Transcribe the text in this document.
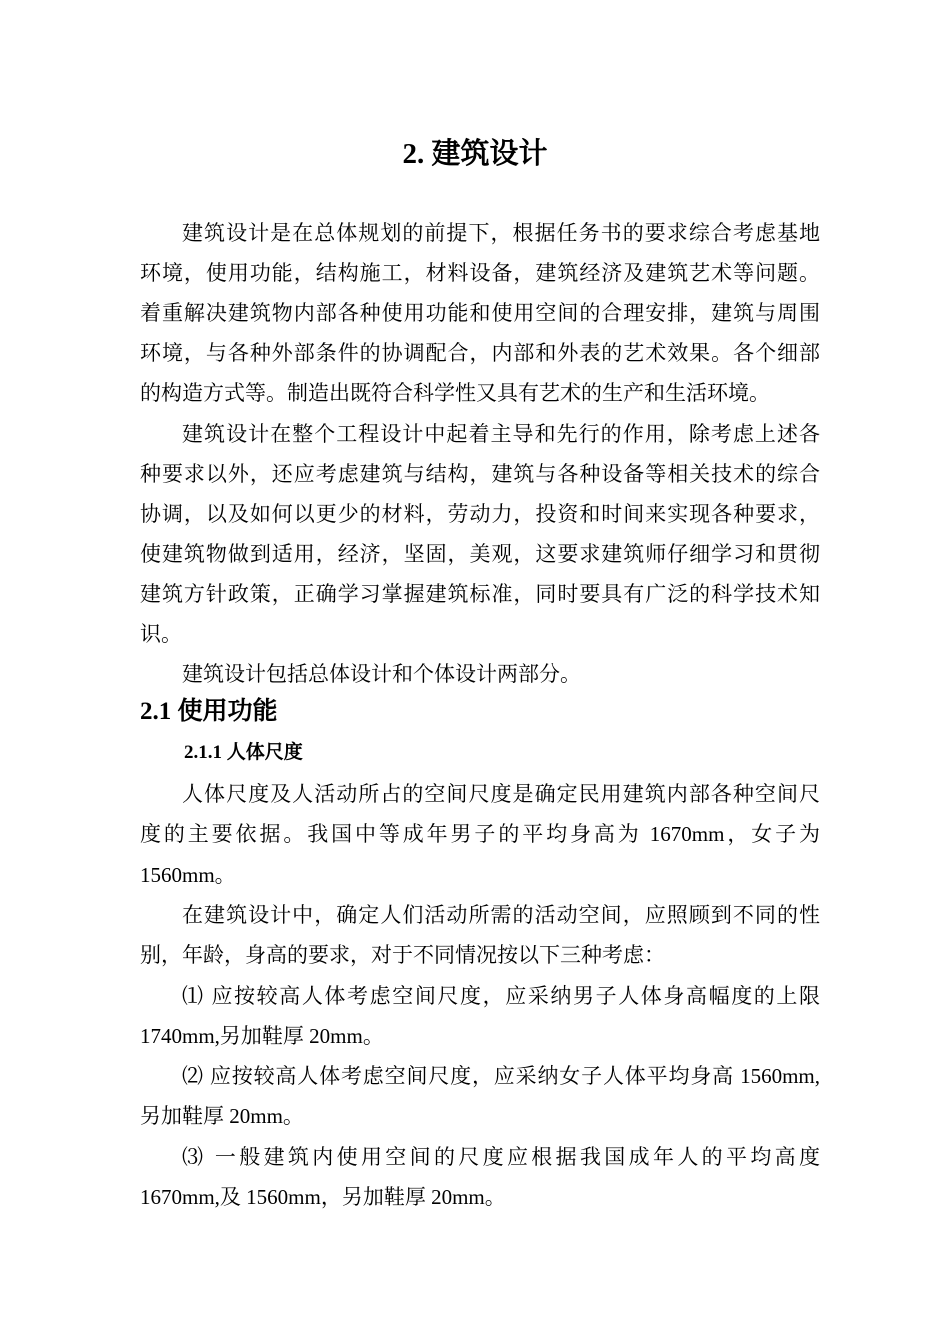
2. 建筑设计
建筑设计是在总体规划的前提下，根据任务书的要求综合考虑基地
环境，使用功能，结构施工，材料设备，建筑经济及建筑艺术等问题。
着重解决建筑物内部各种使用功能和使用空间的合理安排，建筑与周围
环境，与各种外部条件的协调配合，内部和外表的艺术效果。各个细部
的构造方式等。制造出既符合科学性又具有艺术的生产和生活环境。
建筑设计在整个工程设计中起着主导和先行的作用，除考虑上述各
种要求以外，还应考虑建筑与结构，建筑与各种设备等相关技术的综合
协调，以及如何以更少的材料，劳动力，投资和时间来实现各种要求，
使建筑物做到适用，经济，坚固，美观，这要求建筑师仔细学习和贯彻
建筑方针政策，正确学习掌握建筑标准，同时要具有广泛的科学技术知
识。
建筑设计包括总体设计和个体设计两部分。
2.1 使用功能
2.1.1 人体尺度
人体尺度及人活动所占的空间尺度是确定民用建筑内部各种空间尺
度的主要依据。我国中等成年男子的平均身高为 1670mm，女子为
1560mm。
在建筑设计中，确定人们活动所需的活动空间，应照顾到不同的性
别，年龄，身高的要求，对于不同情况按以下三种考虑：
⑴ 应按较高人体考虑空间尺度，应采纳男子人体身高幅度的上限
1740mm,另加鞋厚 20mm。
⑵ 应按较高人体考虑空间尺度，应采纳女子人体平均身高 1560mm,
另加鞋厚 20mm。
⑶ 一般建筑内使用空间的尺度应根据我国成年人的平均高度
1670mm,及 1560mm，另加鞋厚 20mm。
